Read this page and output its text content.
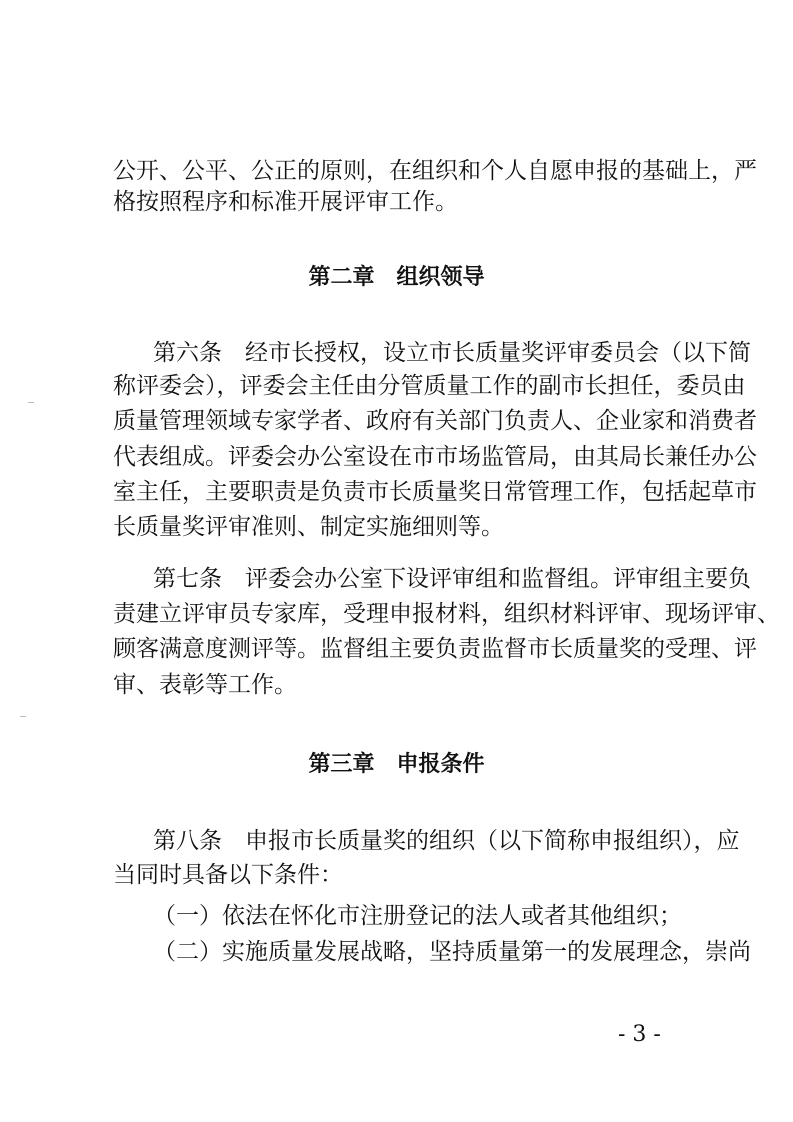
公开、公平、公正的原则，在组织和个人自愿申报的基础上，严
格按照程序和标准开展评审工作。
第二章　组织领导
第六条　经市长授权，设立市长质量奖评审委员会（以下简
称评委会），评委会主任由分管质量工作的副市长担任，委员由
质量管理领域专家学者、政府有关部门负责人、企业家和消费者
代表组成。评委会办公室设在市市场监管局，由其局长兼任办公
室主任，主要职责是负责市长质量奖日常管理工作，包括起草市
长质量奖评审准则、制定实施细则等。
第七条　评委会办公室下设评审组和监督组。评审组主要负
责建立评审员专家库，受理申报材料，组织材料评审、现场评审、
顾客满意度测评等。监督组主要负责监督市长质量奖的受理、评
审、表彰等工作。
第三章　申报条件
第八条　申报市长质量奖的组织（以下简称申报组织），应
当同时具备以下条件：
（一）依法在怀化市注册登记的法人或者其他组织；
（二）实施质量发展战略，坚持质量第一的发展理念，崇尚
- 3 -
